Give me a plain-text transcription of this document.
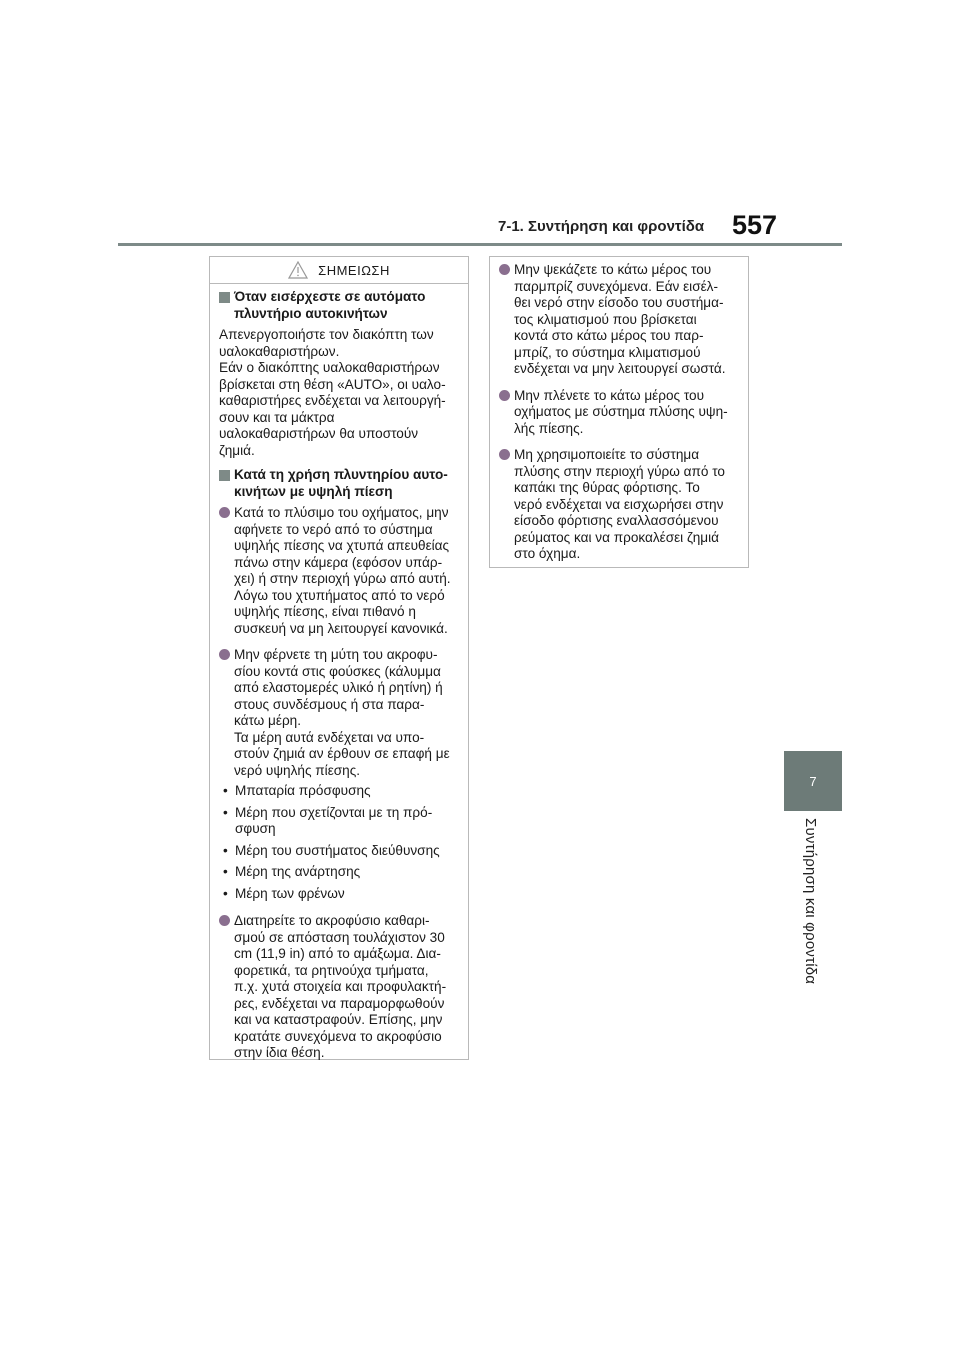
7-1. Συντήρηση και φροντίδα 557
7
Συντήρηση και φροντίδα
ΣΗΜΕΙΩΣΗ
Όταν εισέρχεστε σε αυτόματο
πλυντήριο αυτοκινήτων
Απενεργοποιήστε τον διακόπτη των
υαλοκαθαριστήρων.
Εάν ο διακόπτης υαλοκαθαριστήρων
βρίσκεται στη θέση «AUTO», οι υαλο-
καθαριστήρες ενδέχεται να λειτουργή-
σουν και τα μάκτρα
υαλοκαθαριστήρων θα υποστούν
ζημιά.
Κατά τη χρήση πλυντηρίου αυτο-
κινήτων με υψηλή πίεση
Κατά το πλύσιμο του οχήματος, μην
αφήνετε το νερό από το σύστημα
υψηλής πίεσης να χτυπά απευθείας
πάνω στην κάμερα (εφόσον υπάρ-
χει) ή στην περιοχή γύρω από αυτή.
Λόγω του χτυπήματος από το νερό
υψηλής πίεσης, είναι πιθανό η
συσκευή να μη λειτουργεί κανονικά.
Μην φέρνετε τη μύτη του ακροφυ-
σίου κοντά στις φούσκες (κάλυμμα
από ελαστομερές υλικό ή ρητίνη) ή
στους συνδέσμους ή στα παρα-
κάτω μέρη.
Τα μέρη αυτά ενδέχεται να υπο-
στούν ζημιά αν έρθουν σε επαφή με
νερό υψηλής πίεσης.
• Μπαταρία πρόσφυσης
• Μέρη που σχετίζονται με τη πρό-
σφυση
• Μέρη του συστήματος διεύθυνσης
• Μέρη της ανάρτησης
• Μέρη των φρένων
Διατηρείτε το ακροφύσιο καθαρι-
σμού σε απόσταση τουλάχιστον 30
cm (11,9 in) από το αμάξωμα. Δια-
φορετικά, τα ρητινούχα τμήματα,
π.χ. χυτά στοιχεία και προφυλακτή-
ρες, ενδέχεται να παραμορφωθούν
και να καταστραφούν. Επίσης, μην
κρατάτε συνεχόμενα το ακροφύσιο
στην ίδια θέση.
Μην ψεκάζετε το κάτω μέρος του
παρμπρίζ συνεχόμενα. Εάν εισέλ-
θει νερό στην είσοδο του συστήμα-
τος κλιματισμού που βρίσκεται
κοντά στο κάτω μέρος του παρ-
μπρίζ, το σύστημα κλιματισμού
ενδέχεται να μην λειτουργεί σωστά.
Μην πλένετε το κάτω μέρος του
οχήματος με σύστημα πλύσης υψη-
λής πίεσης.
Μη χρησιμοποιείτε το σύστημα
πλύσης στην περιοχή γύρω από το
καπάκι της θύρας φόρτισης. Το
νερό ενδέχεται να εισχωρήσει στην
είσοδο φόρτισης εναλλασσόμενου
ρεύματος και να προκαλέσει ζημιά
στο όχημα.
